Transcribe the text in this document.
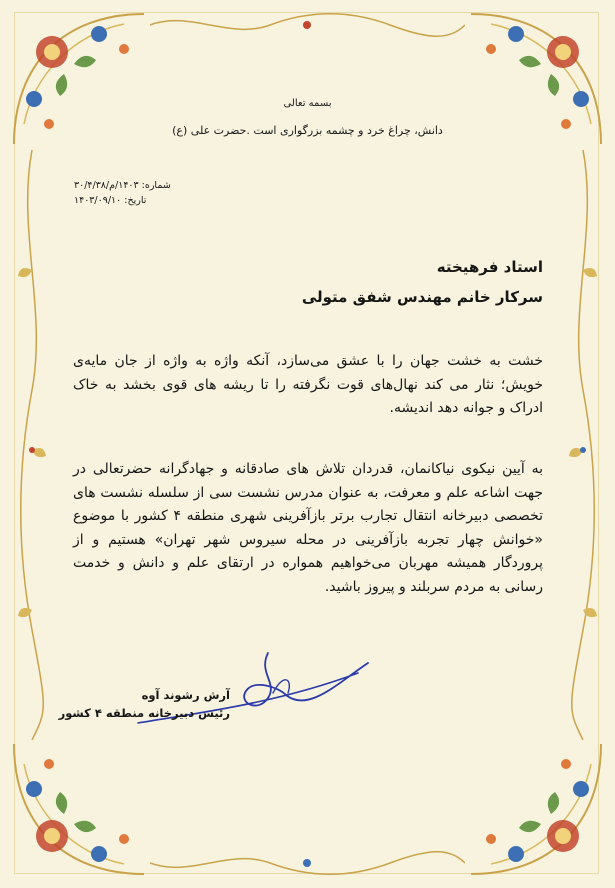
بسمه تعالی
دانش، چراغ خرد و چشمه بزرگواری است .حضرت علی (ع)
شماره: ۱۴۰۳/م/۳۰/۴/۳۸
تاریخ: ۱۴۰۳/۰۹/۱۰
استاد فرهیخته
سرکار خانم مهندس شفق متولی
خشت به خشت جهان را با عشق می‌سازد، آنکه واژه به واژه از جان مایه‌ی خویش؛ نثار می کند نهال‌های قوت نگرفته را تا ریشه های قوی بخشد به خاک ادراک و جوانه دهد اندیشه.
به آیین نیکوی نیاکانمان، قدردان تلاش های صادقانه و جهادگرانه حضرتعالی در جهت اشاعه علم و معرفت، به عنوان مدرس نشست سی از سلسله نشست های تخصصی دبیرخانه انتقال تجارب برتر بازآفرینی شهری منطقه ۴ کشور با موضوع «خوانش چهار تجربه بازآفرینی در محله سیروس شهر تهران» هستیم و از پروردگار همیشه مهربان می‌خواهیم همواره در ارتقای علم و دانش و خدمت رسانی به مردم سربلند و پیروز باشید.
آرش رشوند آوه
رئیس دبیرخانه منطقه ۴ کشور
